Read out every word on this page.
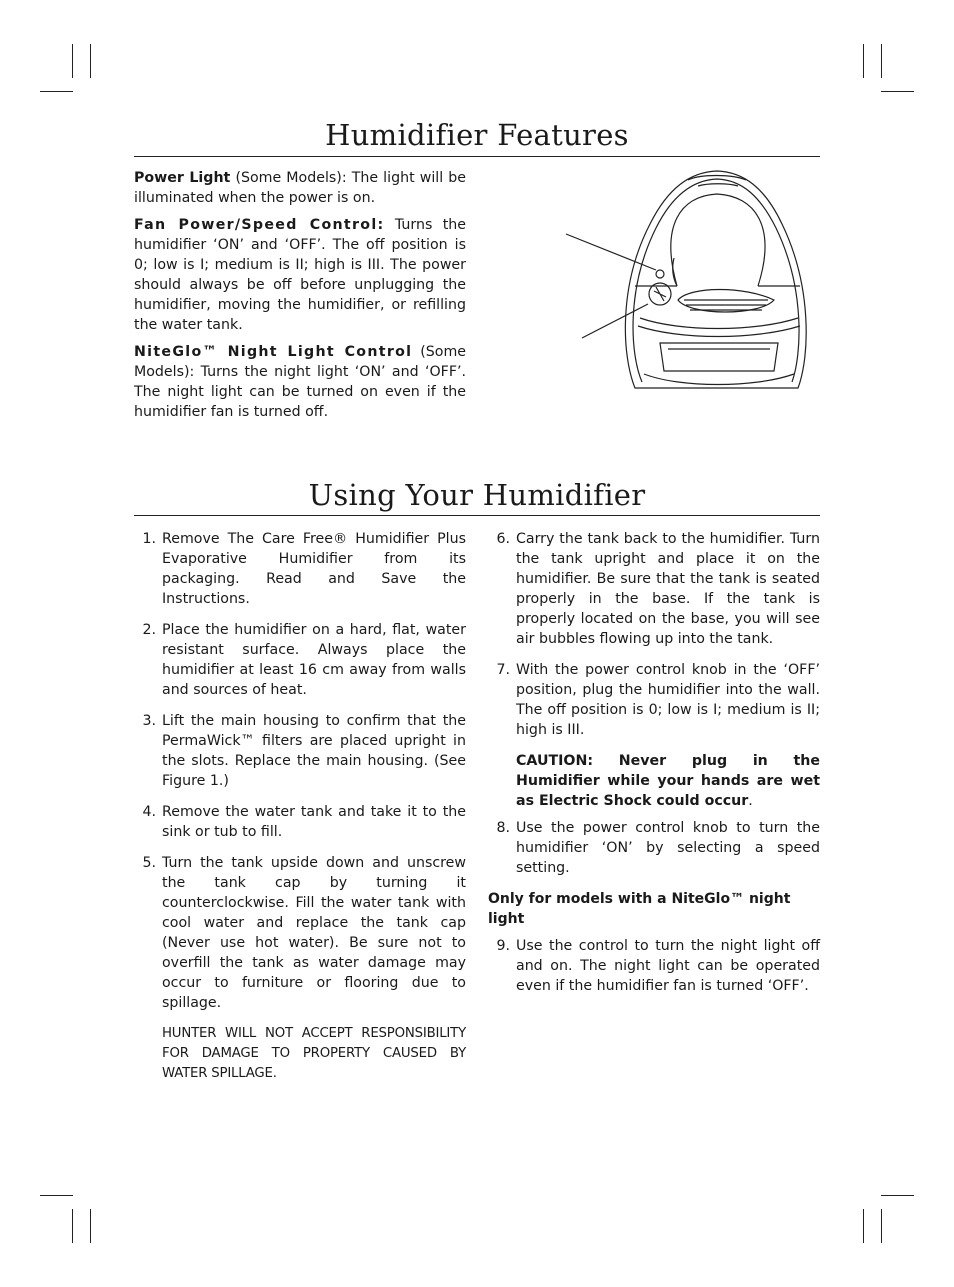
Humidifier Features

Power Light (Some Models): The light will be illuminated when the power is on.

Fan Power/Speed Control: Turns the humidifier ‘ON’ and ‘OFF’. The off position is 0; low is I; medium is II; high is III. The power should always be off before unplugging the humidifier, moving the humidifier, or refilling the water tank.

NiteGlo™ Night Light Control (Some Models): Turns the night light ‘ON’ and ‘OFF’. The night light can be turned on even if the humidifier fan is turned off.

Using Your Humidifier
1. Remove The Care Free® Humidifier Plus Evaporative Humidifier from its packaging. Read and Save the Instructions.
2. Place the humidifier on a hard, flat, water resistant surface. Always place the humidifier at least 16 cm away from walls and sources of heat.
3. Lift the main housing to confirm that the PermaWick™ filters are placed upright in the slots. Replace the main housing. (See Figure 1.)
4. Remove the water tank and take it to the sink or tub to fill.
5. Turn the tank upside down and unscrew the tank cap by turning it counterclockwise. Fill the water tank with cool water and replace the tank cap (Never use hot water). Be sure not to overfill the tank as water damage may occur to furniture or flooring due to spillage.

HUNTER WILL NOT ACCEPT RESPONSIBILITY FOR DAMAGE TO PROPERTY CAUSED BY WATER SPILLAGE.

6. Carry the tank back to the humidifier. Turn the tank upright and place it on the humidifier. Be sure that the tank is seated properly in the base. If the tank is properly located on the base, you will see air bubbles flowing up into the tank.
7. With the power control knob in the ‘OFF’ position, plug the humidifier into the wall. The off position is 0; low is I; medium is II; high is III.

CAUTION: Never plug in the Humidifier while your hands are wet as Electric Shock could occur.

8. Use the power control knob to turn the humidifier ‘ON’ by selecting a speed setting.

Only for models with a NiteGlo™ night light

9. Use the control to turn the night light off and on. The night light can be operated even if the humidifier fan is turned ‘OFF’.
